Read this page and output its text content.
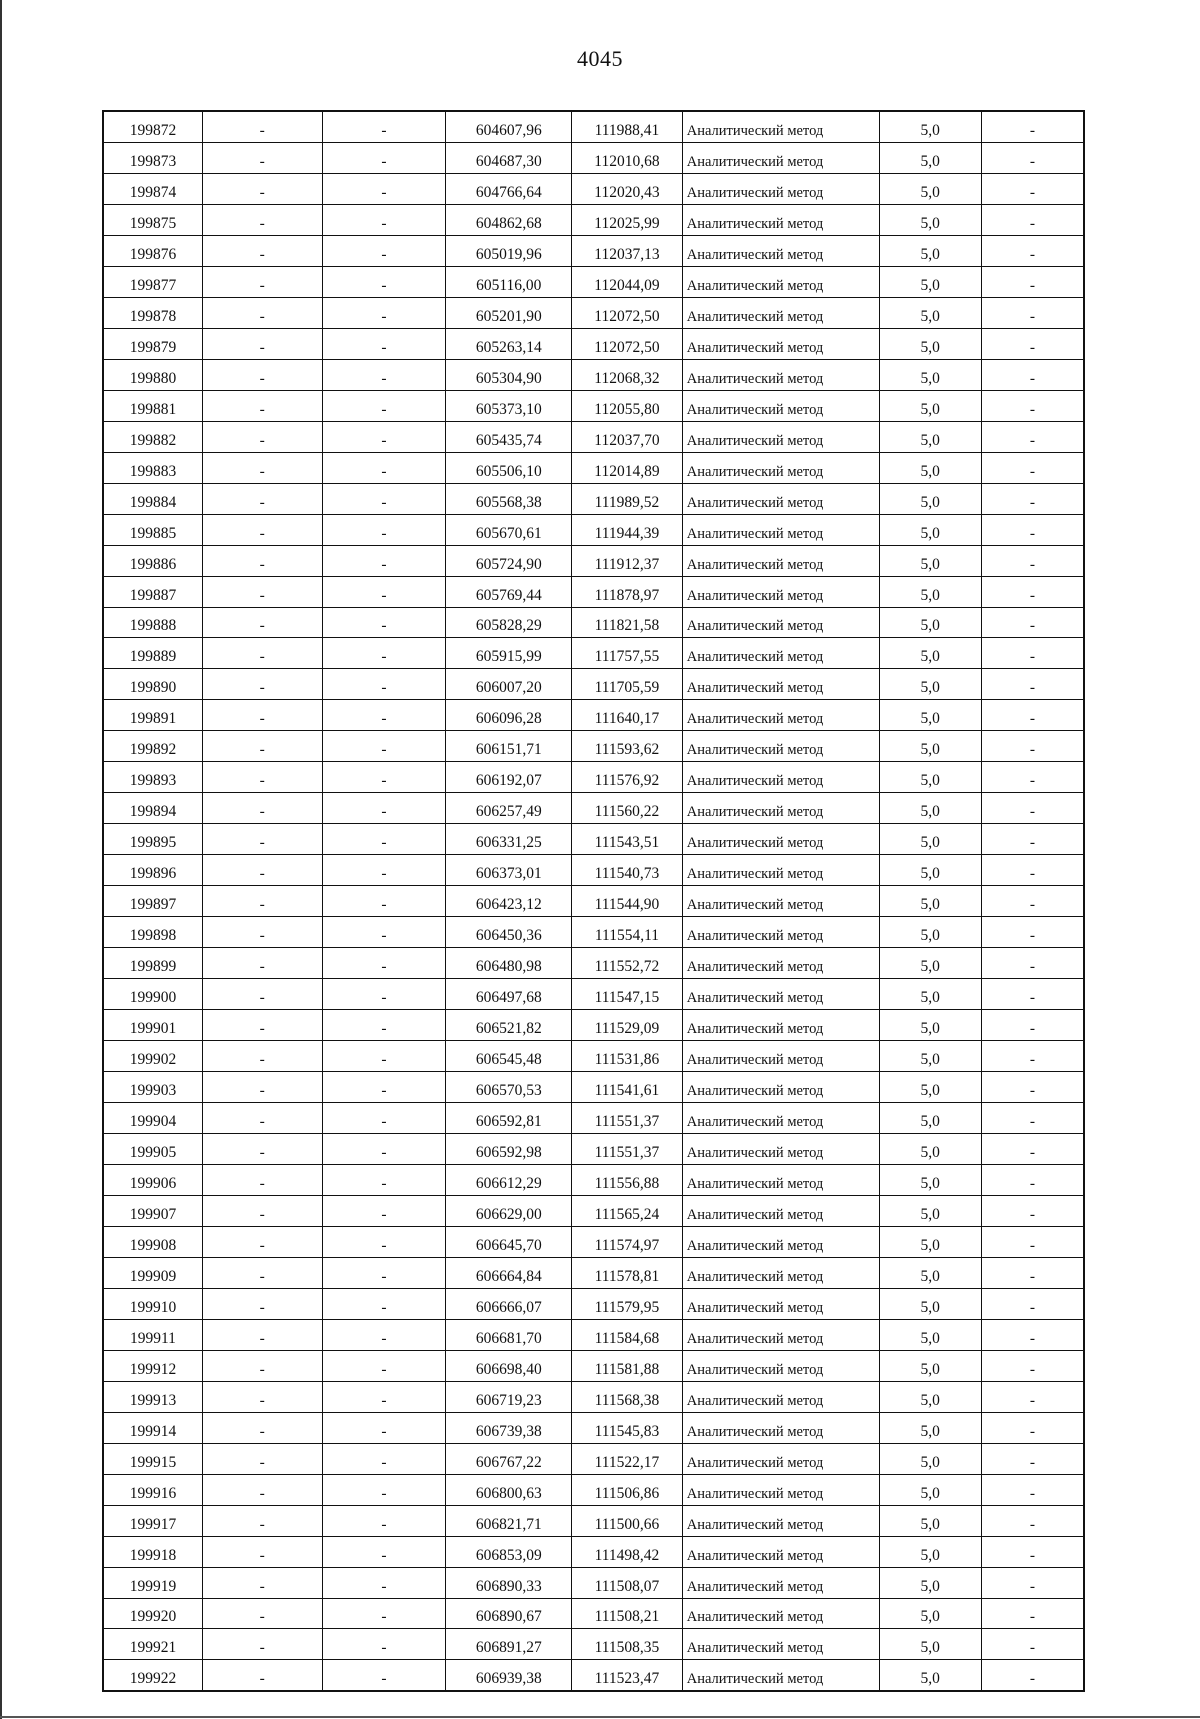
4045
199872	-	-	604607,96	111988,41	Аналитический метод	5,0	-
199873	-	-	604687,30	112010,68	Аналитический метод	5,0	-
199874	-	-	604766,64	112020,43	Аналитический метод	5,0	-
199875	-	-	604862,68	112025,99	Аналитический метод	5,0	-
199876	-	-	605019,96	112037,13	Аналитический метод	5,0	-
199877	-	-	605116,00	112044,09	Аналитический метод	5,0	-
199878	-	-	605201,90	112072,50	Аналитический метод	5,0	-
199879	-	-	605263,14	112072,50	Аналитический метод	5,0	-
199880	-	-	605304,90	112068,32	Аналитический метод	5,0	-
199881	-	-	605373,10	112055,80	Аналитический метод	5,0	-
199882	-	-	605435,74	112037,70	Аналитический метод	5,0	-
199883	-	-	605506,10	112014,89	Аналитический метод	5,0	-
199884	-	-	605568,38	111989,52	Аналитический метод	5,0	-
199885	-	-	605670,61	111944,39	Аналитический метод	5,0	-
199886	-	-	605724,90	111912,37	Аналитический метод	5,0	-
199887	-	-	605769,44	111878,97	Аналитический метод	5,0	-
199888	-	-	605828,29	111821,58	Аналитический метод	5,0	-
199889	-	-	605915,99	111757,55	Аналитический метод	5,0	-
199890	-	-	606007,20	111705,59	Аналитический метод	5,0	-
199891	-	-	606096,28	111640,17	Аналитический метод	5,0	-
199892	-	-	606151,71	111593,62	Аналитический метод	5,0	-
199893	-	-	606192,07	111576,92	Аналитический метод	5,0	-
199894	-	-	606257,49	111560,22	Аналитический метод	5,0	-
199895	-	-	606331,25	111543,51	Аналитический метод	5,0	-
199896	-	-	606373,01	111540,73	Аналитический метод	5,0	-
199897	-	-	606423,12	111544,90	Аналитический метод	5,0	-
199898	-	-	606450,36	111554,11	Аналитический метод	5,0	-
199899	-	-	606480,98	111552,72	Аналитический метод	5,0	-
199900	-	-	606497,68	111547,15	Аналитический метод	5,0	-
199901	-	-	606521,82	111529,09	Аналитический метод	5,0	-
199902	-	-	606545,48	111531,86	Аналитический метод	5,0	-
199903	-	-	606570,53	111541,61	Аналитический метод	5,0	-
199904	-	-	606592,81	111551,37	Аналитический метод	5,0	-
199905	-	-	606592,98	111551,37	Аналитический метод	5,0	-
199906	-	-	606612,29	111556,88	Аналитический метод	5,0	-
199907	-	-	606629,00	111565,24	Аналитический метод	5,0	-
199908	-	-	606645,70	111574,97	Аналитический метод	5,0	-
199909	-	-	606664,84	111578,81	Аналитический метод	5,0	-
199910	-	-	606666,07	111579,95	Аналитический метод	5,0	-
199911	-	-	606681,70	111584,68	Аналитический метод	5,0	-
199912	-	-	606698,40	111581,88	Аналитический метод	5,0	-
199913	-	-	606719,23	111568,38	Аналитический метод	5,0	-
199914	-	-	606739,38	111545,83	Аналитический метод	5,0	-
199915	-	-	606767,22	111522,17	Аналитический метод	5,0	-
199916	-	-	606800,63	111506,86	Аналитический метод	5,0	-
199917	-	-	606821,71	111500,66	Аналитический метод	5,0	-
199918	-	-	606853,09	111498,42	Аналитический метод	5,0	-
199919	-	-	606890,33	111508,07	Аналитический метод	5,0	-
199920	-	-	606890,67	111508,21	Аналитический метод	5,0	-
199921	-	-	606891,27	111508,35	Аналитический метод	5,0	-
199922	-	-	606939,38	111523,47	Аналитический метод	5,0	-
